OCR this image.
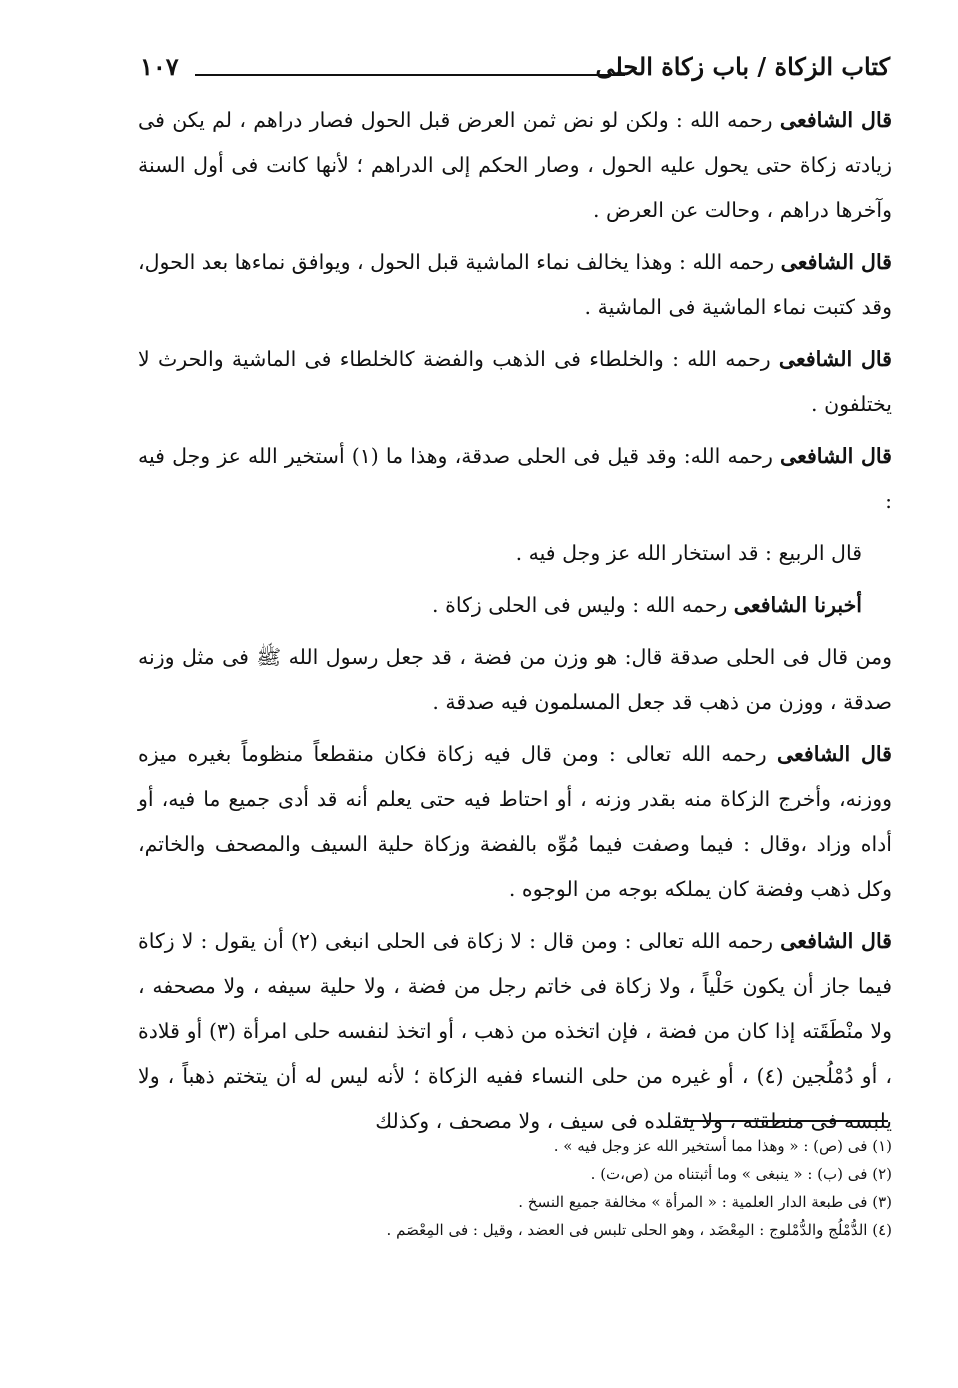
كتاب الزكاة / باب زكاة الحلى
١٠٧

قال الشافعى رحمه الله : ولكن لو نض ثمن العرض قبل الحول فصار دراهم ، لم يكن فى زيادته زكاة حتى يحول عليه الحول ، وصار الحكم إلى الدراهم ؛ لأنها كانت فى أول السنة وآخرها دراهم ، وحالت عن العرض .

قال الشافعى رحمه الله : وهذا يخالف نماء الماشية قبل الحول ، ويوافق نماءها بعد الحول، وقد كتبت نماء الماشية فى الماشية .

قال الشافعى رحمه الله : والخلطاء فى الذهب والفضة كالخلطاء فى الماشية والحرث لا يختلفون .

قال الشافعى رحمه الله: وقد قيل فى الحلى صدقة، وهذا ما (١) أستخير الله عز وجل فيه :

قال الربيع : قد استخار الله عز وجل فيه .

أخبرنا الشافعى رحمه الله : وليس فى الحلى زكاة .

ومن قال فى الحلى صدقة قال: هو وزن من فضة ، قد جعل رسول الله ﷺ فى مثل وزنه صدقة ، ووزن من ذهب قد جعل المسلمون فيه صدقة .

قال الشافعى رحمه الله تعالى : ومن قال فيه زكاة فكان منقطعاً منظوماً بغيره ميزه ووزنه، وأخرج الزكاة منه بقدر وزنه ، أو احتاط فيه حتى يعلم أنه قد أدى جميع ما فيه، أو أداه وزاد ،وقال : فيما وصفت فيما مُوِّه بالفضة وزكاة حلية السيف والمصحف والخاتم، وكل ذهب وفضة كان يملكه بوجه من الوجوه .

قال الشافعى رحمه الله تعالى : ومن قال : لا زكاة فى الحلى انبغى (٢) أن يقول : لا زكاة فيما جاز أن يكون حَلْياً ، ولا زكاة فى خاتم رجل من فضة ، ولا حلية سيفه ، ولا مصحفه ، ولا منْطَقَته إذا كان من فضة ، فإن اتخذه من ذهب ، أو اتخذ لنفسه حلى امرأة (٣) أو قلادة ، أو دُمْلُجين (٤) ، أو غيره من حلى النساء ففيه الزكاة ؛ لأنه ليس له أن يتختم ذهباً ، ولا يلبسه فى منطقته ، ولا يتقلده فى سيف ، ولا مصحف ، وكذلك

(١) فى (ص) : « وهذا مما أستخير الله عز وجل فيه » .

(٢) فى (ب) : « ينبغى » وما أثبتناه من (ص،ت) .

(٣) فى طبعة الدار العلمية : « المرأة » مخالفة جميع النسخ .

(٤) الدُّمْلُج والدُّمْلوج : المِعْضَد ، وهو الحلى تلبس فى العضد ، وقيل : فى المِعْصَم .
